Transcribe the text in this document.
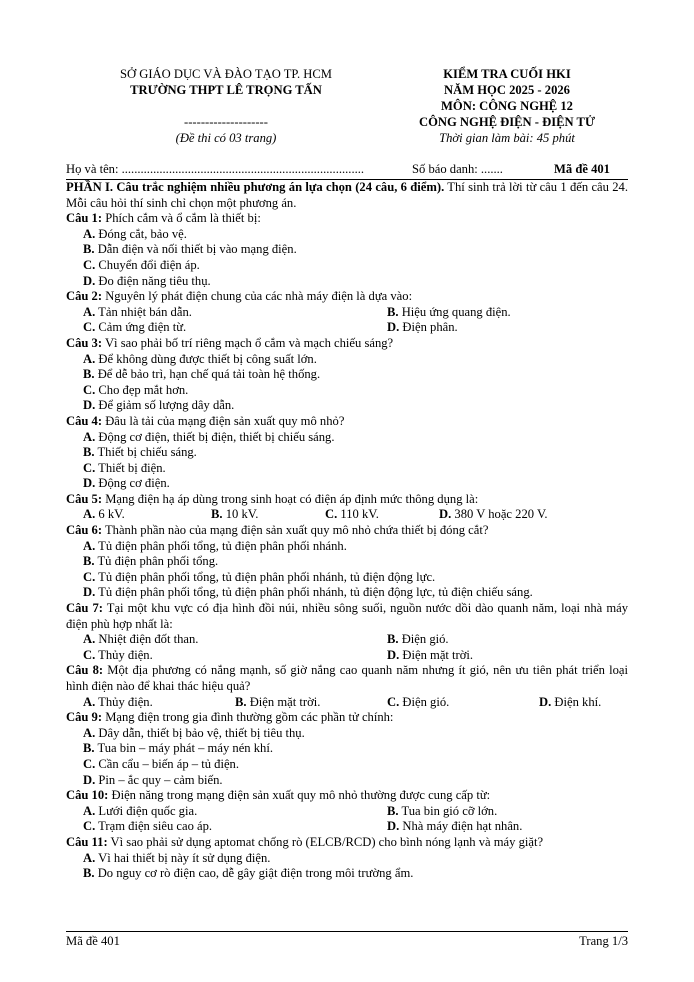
SỞ GIÁO DỤC VÀ ĐÀO TẠO TP. HCM
TRƯỜNG THPT LÊ TRỌNG TẤN
--------------------
(Đề thi có 03 trang)
KIỂM TRA CUỐI HKI
NĂM HỌC 2025 - 2026
MÔN: CÔNG NGHỆ 12
CÔNG NGHỆ ĐIỆN - ĐIỆN TỬ
Thời gian làm bài: 45 phút
Họ và tên: .............................................................................	Số báo danh: .......	Mã đề 401
PHẦN I. Câu trắc nghiệm nhiều phương án lựa chọn (24 câu, 6 điểm). Thí sinh trả lời từ câu 1 đến câu 24. Mỗi câu hỏi thí sinh chỉ chọn một phương án.
Câu 1: Phích cắm và ổ cắm là thiết bị:
A. Đóng cắt, bảo vệ.
B. Dẫn điện và nối thiết bị vào mạng điện.
C. Chuyển đổi điện áp.
D. Đo điện năng tiêu thụ.
Câu 2: Nguyên lý phát điện chung của các nhà máy điện là dựa vào:
A. Tản nhiệt bán dẫn.	B. Hiệu ứng quang điện.
C. Cảm ứng điện từ.	D. Điện phân.
Câu 3: Vì sao phải bố trí riêng mạch ổ cắm và mạch chiếu sáng?
A. Để không dùng được thiết bị công suất lớn.
B. Để dễ bảo trì, hạn chế quá tải toàn hệ thống.
C. Cho đẹp mắt hơn.
D. Để giảm số lượng dây dẫn.
Câu 4: Đâu là tải của mạng điện sản xuất quy mô nhỏ?
A. Động cơ điện, thiết bị điện, thiết bị chiếu sáng.
B. Thiết bị chiếu sáng.
C. Thiết bị điện.
D. Động cơ điện.
Câu 5: Mạng điện hạ áp dùng trong sinh hoạt có điện áp định mức thông dụng là:
A. 6 kV.	B. 10 kV.	C. 110 kV.	D. 380 V hoặc 220 V.
Câu 6: Thành phần nào của mạng điện sản xuất quy mô nhỏ chứa thiết bị đóng cắt?
A. Tủ điện phân phối tổng, tủ điện phân phối nhánh.
B. Tủ điện phân phối tổng.
C. Tủ điện phân phối tổng, tủ điện phân phối nhánh, tủ điện động lực.
D. Tủ điện phân phối tổng, tủ điện phân phối nhánh, tủ điện động lực, tủ điện chiếu sáng.
Câu 7: Tại một khu vực có địa hình đồi núi, nhiều sông suối, nguồn nước dồi dào quanh năm, loại nhà máy điện phù hợp nhất là:
A. Nhiệt điện đốt than.	B. Điện gió.
C. Thủy điện.	D. Điện mặt trời.
Câu 8: Một địa phương có nắng mạnh, số giờ nắng cao quanh năm nhưng ít gió, nên ưu tiên phát triển loại hình điện nào để khai thác hiệu quả?
A. Thủy điện.	B. Điện mặt trời.	C. Điện gió.	D. Điện khí.
Câu 9: Mạng điện trong gia đình thường gồm các phần tử chính:
A. Dây dẫn, thiết bị bảo vệ, thiết bị tiêu thụ.
B. Tua bin – máy phát – máy nén khí.
C. Cần cẩu – biến áp – tủ điện.
D. Pin – ắc quy – cảm biến.
Câu 10: Điện năng trong mạng điện sản xuất quy mô nhỏ thường được cung cấp từ:
A. Lưới điện quốc gia.	B. Tua bin gió cỡ lớn.
C. Trạm điện siêu cao áp.	D. Nhà máy điện hạt nhân.
Câu 11: Vì sao phải sử dụng aptomat chống rò (ELCB/RCD) cho bình nóng lạnh và máy giặt?
A. Vì hai thiết bị này ít sử dụng điện.
B. Do nguy cơ rò điện cao, dễ gây giật điện trong môi trường ẩm.
Mã đề 401	Trang 1/3
